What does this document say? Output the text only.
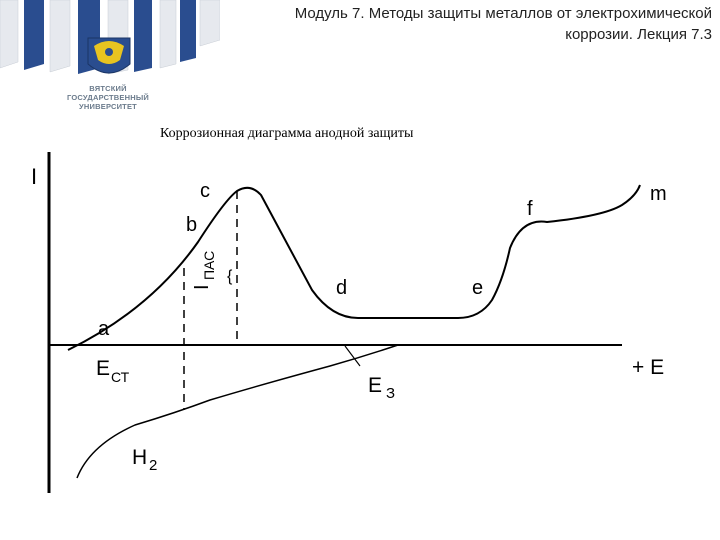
Модуль 7. Методы защиты металлов от электрохимической
коррозии. Лекция 7.3
ВЯТСКИЙ
ГОСУДАРСТВЕННЫЙ
УНИВЕРСИТЕТ
Коррозионная диаграмма анодной защиты
I
+ E
a
b
c
d	e
f
m
I
ПАС {
E СТ	E З
H 2
